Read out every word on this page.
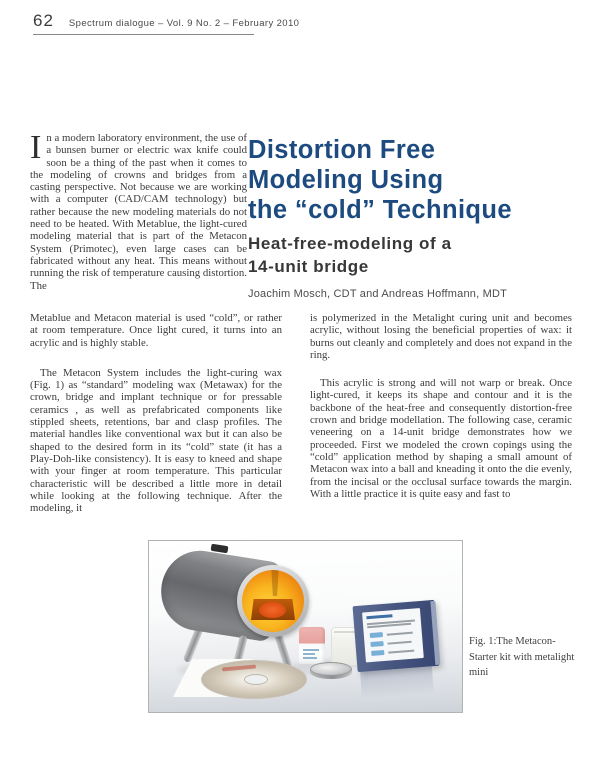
62 Spectrum dialogue – Vol. 9 No. 2 – February 2010

In a modern laboratory environment, the use of a bunsen burner or electric wax knife could soon be a thing of the past when it comes to the modeling of crowns and bridges from a casting perspective. Not because we are working with a computer (CAD/CAM technology) but rather because the new modeling materials do not need to be heated. With Metablue, the light-cured modeling material that is part of the Metacon System (Primotec), even large cases can be fabricated without any heat. This means without running the risk of temperature causing distortion. The

Distortion Free
Modeling Using
the “cold” Technique
Heat-free-modeling of a
14-unit bridge

Joachim Mosch, CDT and Andreas Hoffmann, MDT

Metablue and Metacon material is used “cold”, or rather at room temperature. Once light cured, it turns into an acrylic and is highly stable.

The Metacon System includes the light-curing wax (Fig. 1) as “standard” modeling wax (Metawax) for the crown, bridge and implant technique or for pressable ceramics , as well as prefabricated components like stippled sheets, retentions, bar and clasp profiles. The material handles like conventional wax but it can also be shaped to the desired form in its “cold” state (it has a Play-Doh-like consistency). It is easy to kneed and shape with your finger at room temperature. This particular characteristic will be described a little more in detail while looking at the following technique. After the modeling, it

is polymerized in the Metalight curing unit and becomes acrylic, without losing the beneficial properties of wax: it burns out cleanly and completely and does not expand in the ring.

This acrylic is strong and will not warp or break. Once light-cured, it keeps its shape and contour and it is the backbone of the heat-free and consequently distortion-free crown and bridge modellation. The following case, ceramic veneering on a 14-unit bridge demonstrates how we proceeded. First we modeled the crown copings using the “cold” application method by shaping a small amount of Metacon wax into a ball and kneading it onto the die evenly, from the incisal or the occlusal surface towards the margin. With a little practice it is quite easy and fast to

Fig. 1:The Metacon-
Starter kit with metalight
mini
